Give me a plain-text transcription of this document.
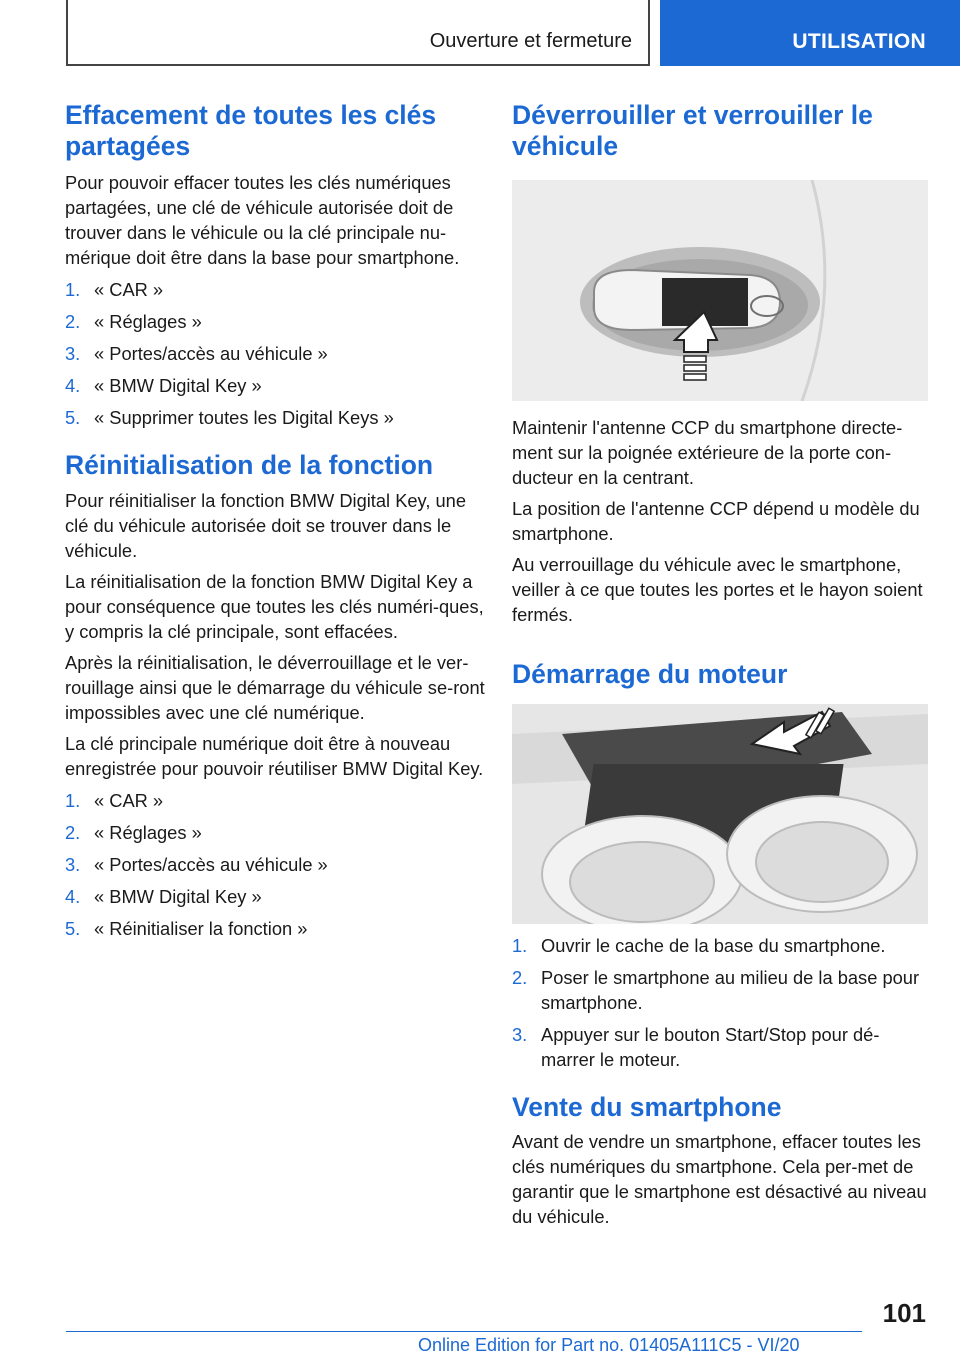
Ouverture et fermeture	UTILISATION
Effacement de toutes les clés partagées

Pour pouvoir effacer toutes les clés numériques partagées, une clé de véhicule autorisée doit de trouver dans le véhicule ou la clé principale nu‐mérique doit être dans la base pour smartphone.

1. « CAR »
2. « Réglages »
3. « Portes/accès au véhicule »
4. « BMW Digital Key »
5. « Supprimer toutes les Digital Keys »
Réinitialisation de la fonction

Pour réinitialiser la fonction BMW Digital Key, une clé du véhicule autorisée doit se trouver dans le véhicule.

La réinitialisation de la fonction BMW Digital Key a pour conséquence que toutes les clés numéri‐ques, y compris la clé principale, sont effacées.

Après la réinitialisation, le déverrouillage et le ver‐rouillage ainsi que le démarrage du véhicule se‐ront impossibles avec une clé numérique.

La clé principale numérique doit être à nouveau enregistrée pour pouvoir réutiliser BMW Digital Key.

1. « CAR »
2. « Réglages »
3. « Portes/accès au véhicule »
4. « BMW Digital Key »
5. « Réinitialiser la fonction »
Déverrouiller et verrouiller le véhicule

Maintenir l'antenne CCP du smartphone directe‐ment sur la poignée extérieure de la porte con‐ducteur en la centrant.

La position de l'antenne CCP dépend u modèle du smartphone.

Au verrouillage du véhicule avec le smartphone, veiller à ce que toutes les portes et le hayon soient fermés.

Démarrage du moteur
1. Ouvrir le cache de la base du smartphone.
2. Poser le smartphone au milieu de la base pour smartphone.
3. Appuyer sur le bouton Start/Stop pour dé‐marrer le moteur.
Vente du smartphone

Avant de vendre un smartphone, effacer toutes les clés numériques du smartphone. Cela per‐met de garantir que le smartphone est désactivé au niveau du véhicule.

101
Online Edition for Part no. 01405A111C5 - VI/20
